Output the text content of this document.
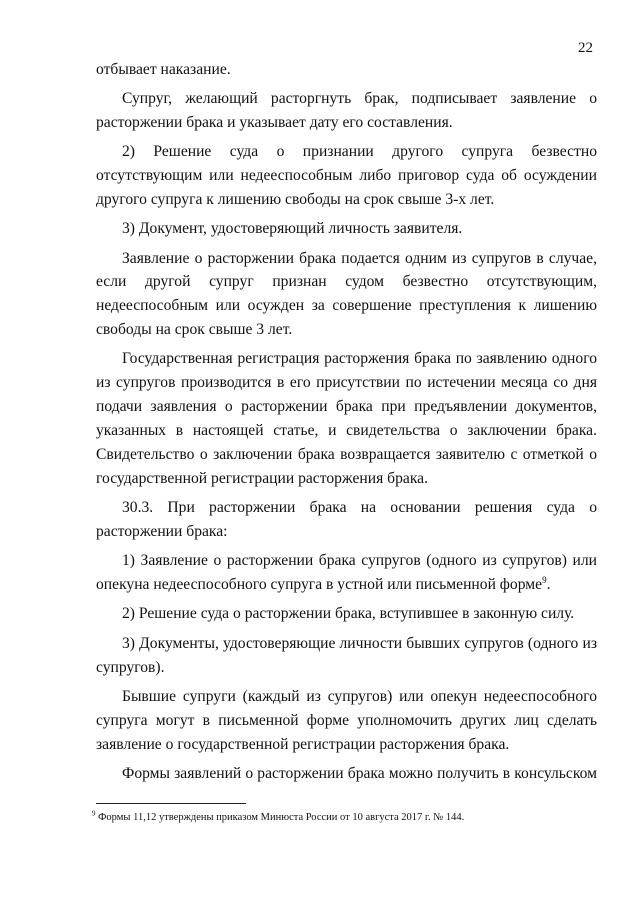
22

отбывает наказание.

Супруг, желающий расторгнуть брак, подписывает заявление о расторжении брака и указывает дату его составления.

2) Решение суда о признании другого супруга безвестно отсутствующим или недееспособным либо приговор суда об осуждении другого супруга к лишению свободы на срок свыше 3-х лет.

3) Документ, удостоверяющий личность заявителя.

Заявление о расторжении брака подается одним из супругов в случае, если другой супруг признан судом безвестно отсутствующим, недееспособным или осужден за совершение преступления к лишению свободы на срок свыше 3 лет.

Государственная регистрация расторжения брака по заявлению одного из супругов производится в его присутствии по истечении месяца со дня подачи заявления о расторжении брака при предъявлении документов, указанных в настоящей статье, и свидетельства о заключении брака. Свидетельство о заключении брака возвращается заявителю с отметкой о государственной регистрации расторжения брака.

30.3. При расторжении брака на основании решения суда о расторжении брака:

1) Заявление о расторжении брака супругов (одного из супругов) или опекуна недееспособного супруга в устной или письменной форме$^9$.

2) Решение суда о расторжении брака, вступившее в законную силу.

3) Документы, удостоверяющие личности бывших супругов (одного из супругов).

Бывшие супруги (каждый из супругов) или опекун недееспособного супруга могут в письменной форме уполномочить других лиц сделать заявление о государственной регистрации расторжения брака.

Формы заявлений о расторжении брака можно получить в консульском

$^9$ Формы 11,12 утверждены приказом Минюста России от 10 августа 2017 г. № 144.
